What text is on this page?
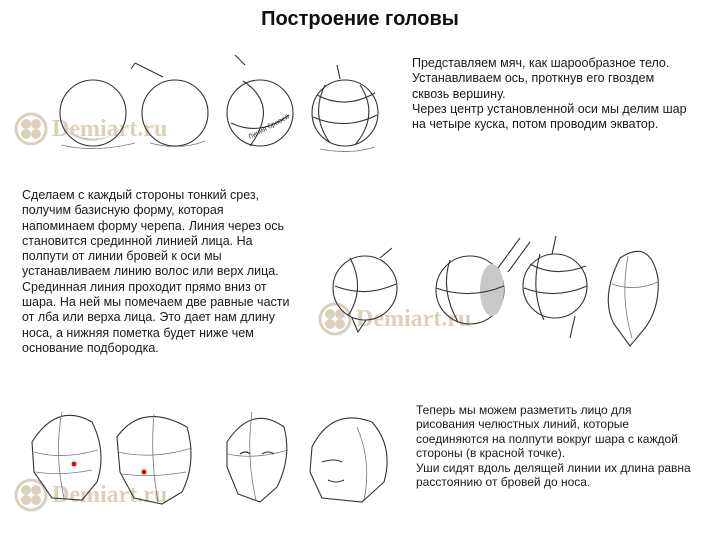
Построение головы

Представляем мяч, как шарообразное тело. Устанавливаем ось, проткнув его гвоздем сквозь вершину.

Через центр установленной оси мы делим шар на четыре куска, потом проводим экватор.

Сделаем с каждый стороны тонкий срез, получим базисную форму, которая напоминаем форму черепа. Линия через ось становится срединной линией лица. На полпути от линии бровей к оси мы устанавливаем линию волос или верх лица. Срединная линия проходит прямо вниз от шара. На ней мы помечаем две равные части от лба или верха лица. Это дает нам длину носа, а нижняя пометка будет ниже чем основание подбородка.

Теперь мы можем разметить лицо для рисования челюстных линий, которые соединяются на полпути вокруг шара с каждой стороны (в красной точке).

Уши сидят вдоль делящей линии их длина равна расстоянию от бровей до носа.

Demiart.ru
Demiart.ru
Demiart.ru
Линия бровей
